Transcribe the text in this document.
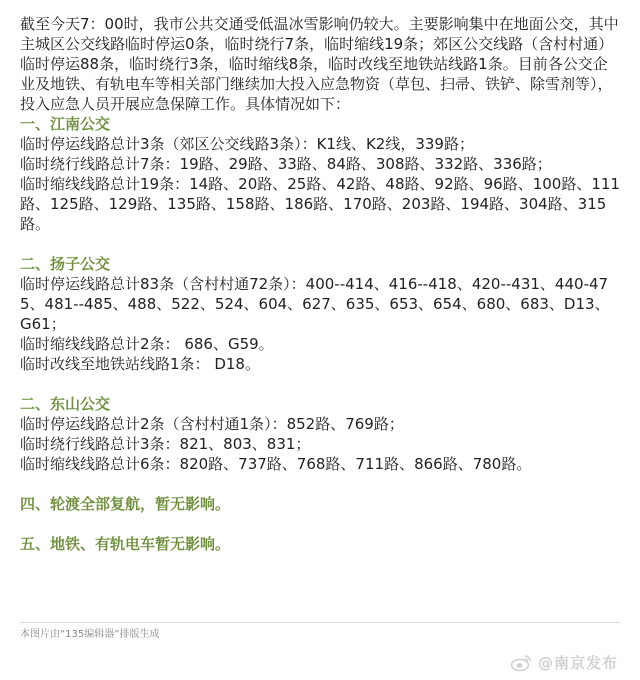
截至今天7：00时，我市公共交通受低温冰雪影响仍较大。主要影响集中在地面公交，其中主城区公交线路临时停运0条，临时绕行7条，临时缩线19条；郊区公交线路（含村村通）临时停运88条，临时绕行3条，临时缩线8条，临时改线至地铁站线路1条。目前各公交企业及地铁、有轨电车等相关部门继续加大投入应急物资（草包、扫帚、铁铲、除雪剂等），投入应急人员开展应急保障工作。具体情况如下：

一、江南公交

临时停运线路总计3条（郊区公交线路3条）：K1线、K2线，339路；

临时绕行线路总计7条：19路、29路、33路、84路、308路、332路、336路；

临时缩线线路总计19条：14路、20路、25路、42路、48路、92路、96路、100路、111路、125路、129路、135路、158路、186路、170路、203路、194路、304路、315路。

二、扬子公交

临时停运线路总计83条（含村村通72条）：400--414、416--418、420--431、440-475、481--485、488、522、524、604、627、635、653、654、680、683、D13、G61；

临时缩线线路总计2条： 686、G59。

临时改线至地铁站线路1条： D18。

二、东山公交

临时停运线路总计2条（含村村通1条）：852路、769路；

临时绕行线路总计3条：821、803、831；

临时缩线线路总计6条：820路、737路、768路、711路、866路、780路。

四、轮渡全部复航，暂无影响。

五、地铁、有轨电车暂无影响。

本图片由“135编辑器”排版生成
@南京发布
